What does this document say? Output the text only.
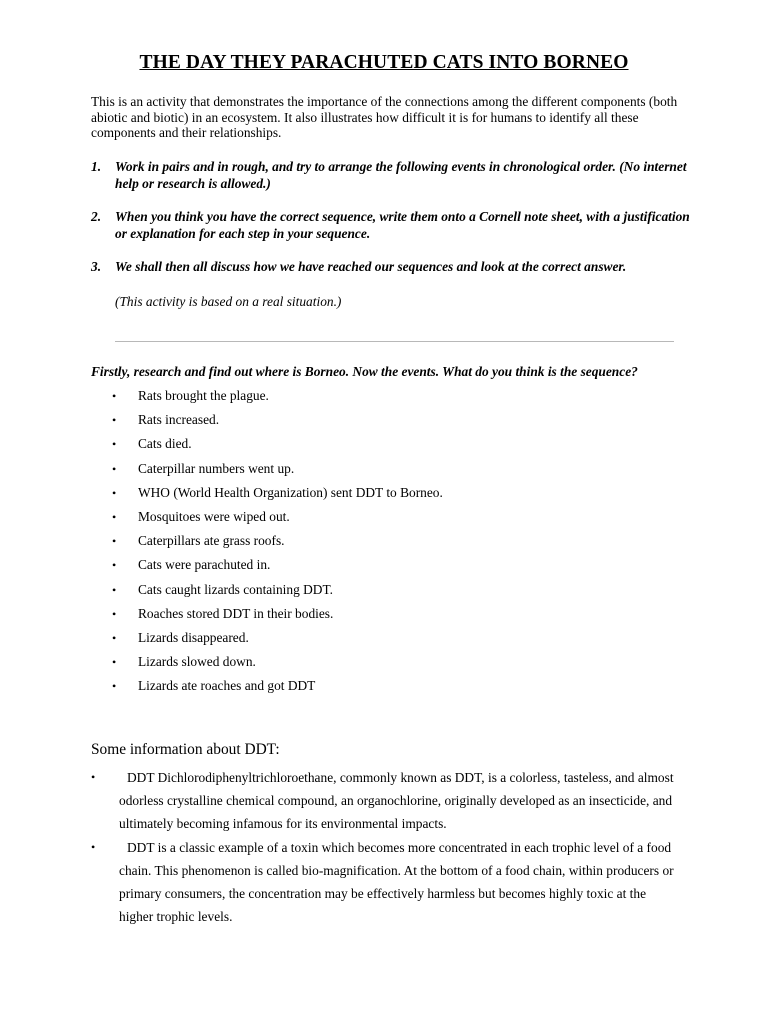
THE DAY THEY PARACHUTED CATS INTO BORNEO

This is an activity that demonstrates the importance of the connections among the different components (both abiotic and biotic) in an ecosystem. It also illustrates how difficult it is for humans to identify all these components and their relationships.

1. Work in pairs and in rough, and try to arrange the following events in chronological order. (No internet help or research is allowed.)
2. When you think you have the correct sequence, write them onto a Cornell note sheet, with a justification or explanation for each step in your sequence.
3. We shall then all discuss how we have reached our sequences and look at the correct answer.

(This activity is based on a real situation.)

Firstly, research and find out where is Borneo. Now the events. What do you think is the sequence?

• Rats brought the plague.
• Rats increased.
• Cats died.
• Caterpillar numbers went up.
• WHO (World Health Organization) sent DDT to Borneo.
• Mosquitoes were wiped out.
• Caterpillars ate grass roofs.
• Cats were parachuted in.
• Cats caught lizards containing DDT.
• Roaches stored DDT in their bodies.
• Lizards disappeared.
• Lizards slowed down.
• Lizards ate roaches and got DDT

Some information about DDT:

•	DDT Dichlorodiphenyltrichloroethane, commonly known as DDT, is a colorless, tasteless, and almost odorless crystalline chemical compound, an organochlorine, originally developed as an insecticide, and ultimately becoming infamous for its environmental impacts.
•	DDT is a classic example of a toxin which becomes more concentrated in each trophic level of a food chain. This phenomenon is called bio-magnification. At the bottom of a food chain, within producers or primary consumers, the concentration may be effectively harmless but becomes highly toxic at the higher trophic levels.
